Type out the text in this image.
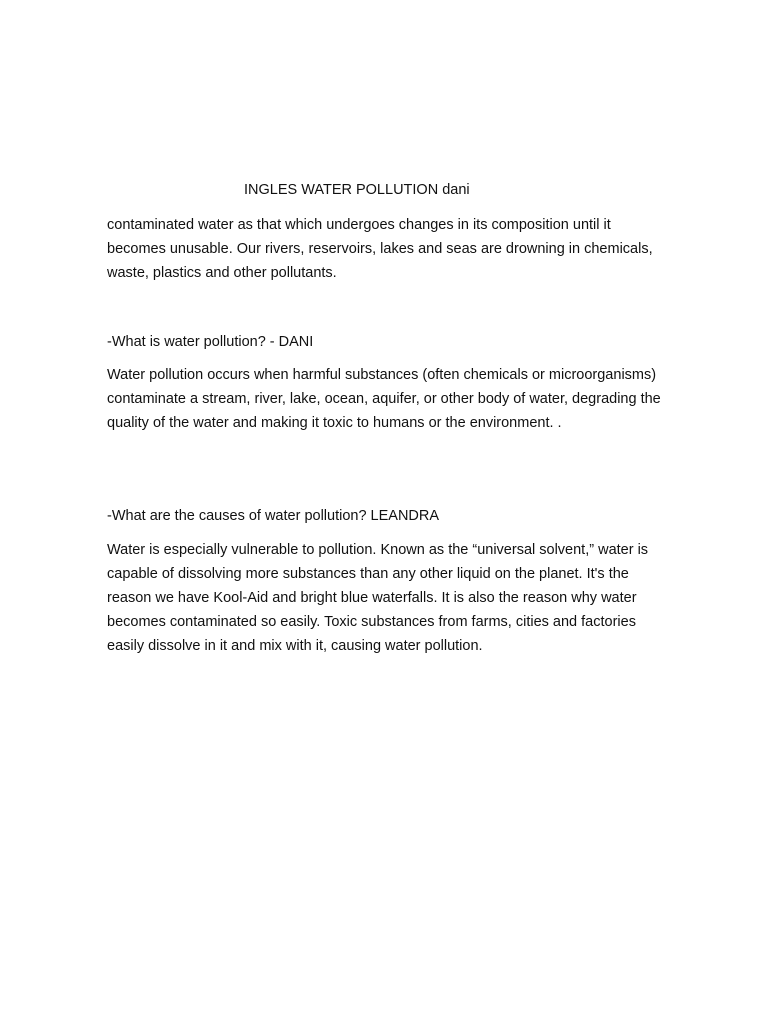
INGLES WATER POLLUTION dani

contaminated water as that which undergoes changes in its composition until it becomes unusable. Our rivers, reservoirs, lakes and seas are drowning in chemicals, waste, plastics and other pollutants.

-What is water pollution? - DANI

Water pollution occurs when harmful substances (often chemicals or microorganisms) contaminate a stream, river, lake, ocean, aquifer, or other body of water, degrading the quality of the water and making it toxic to humans or the environment. .

-What are the causes of water pollution? LEANDRA

Water is especially vulnerable to pollution. Known as the “universal solvent,” water is capable of dissolving more substances than any other liquid on the planet. It's the reason we have Kool-Aid and bright blue waterfalls. It is also the reason why water becomes contaminated so easily. Toxic substances from farms, cities and factories easily dissolve in it and mix with it, causing water pollution.
